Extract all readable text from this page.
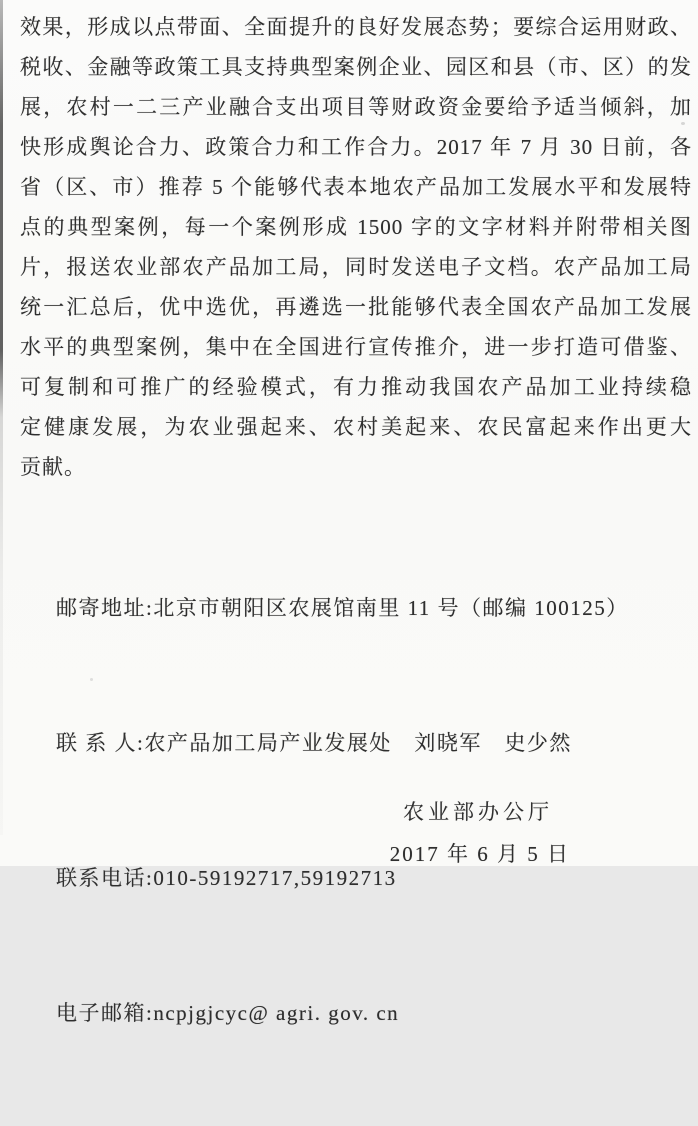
效果，形成以点带面、全面提升的良好发展态势；要综合运用财政、
税收、金融等政策工具支持典型案例企业、园区和县（市、区）的发
展，农村一二三产业融合支出项目等财政资金要给予适当倾斜，加
快形成舆论合力、政策合力和工作合力。2017 年 7 月 30 日前，各
省（区、市）推荐 5 个能够代表本地农产品加工发展水平和发展特
点的典型案例，每一个案例形成 1500 字的文字材料并附带相关图
片，报送农业部农产品加工局，同时发送电子文档。农产品加工局
统一汇总后，优中选优，再遴选一批能够代表全国农产品加工发展
水平的典型案例，集中在全国进行宣传推介，进一步打造可借鉴、
可复制和可推广的经验模式，有力推动我国农产品加工业持续稳
定健康发展，为农业强起来、农村美起来、农民富起来作出更大
贡献。

邮寄地址:北京市朝阳区农展馆南里 11 号（邮编 100125）

联 系 人:农产品加工局产业发展处　刘晓军　史少然

联系电话:010-59192717,59192713

电子邮箱:ncpjgjcyc@ agri. gov. cn

农业部办公厅
2017 年 6 月 5 日
